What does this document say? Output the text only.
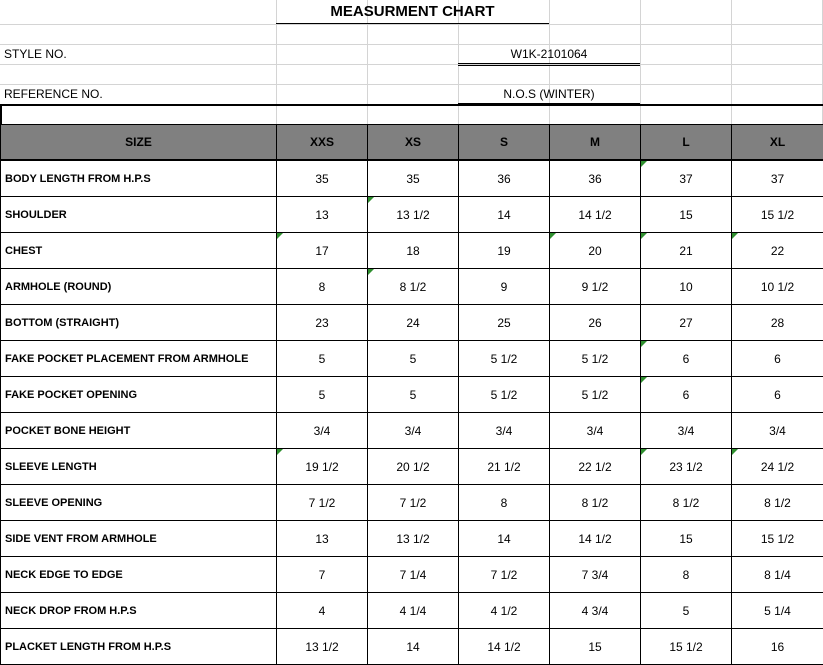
MEASURMENT CHART
STYLE NO.	W1K-2101064
REFERENCE NO.	N.O.S (WINTER)
SIZE	XXS	XS	S	M	L	XL
BODY LENGTH FROM H.P.S	35	35	36	36	37	37
SHOULDER	13	13 1/2	14	14 1/2	15	15 1/2
CHEST	17	18	19	20	21	22

ARMHOLE (ROUND)	8	8 1/2	9	9 1/2	10	10 1/2
BOTTOM (STRAIGHT)	23	24	25	26	27	28
FAKE POCKET PLACEMENT FROM ARMHOLE	5	5	5 1/2	5 1/2	6	6
FAKE POCKET OPENING	5	5	5 1/2	5 1/2	6	6
POCKET BONE HEIGHT	3/4	3/4	3/4	3/4	3/4	3/4
SLEEVE LENGTH	19 1/2	20 1/2	21 1/2	22 1/2	23 1/2	24 1/2

SLEEVE OPENING	7 1/2	7 1/2	8	8 1/2	8 1/2	8 1/2
SIDE VENT FROM ARMHOLE	13	13 1/2	14	14 1/2	15	15 1/2
NECK EDGE TO EDGE	7	7 1/4	7 1/2	7 3/4	8	8 1/4
NECK DROP FROM H.P.S	4	4 1/4	4 1/2	4 3/4	5	5 1/4
PLACKET LENGTH FROM H.P.S	13 1/2	14	14 1/2	15	15 1/2	16
